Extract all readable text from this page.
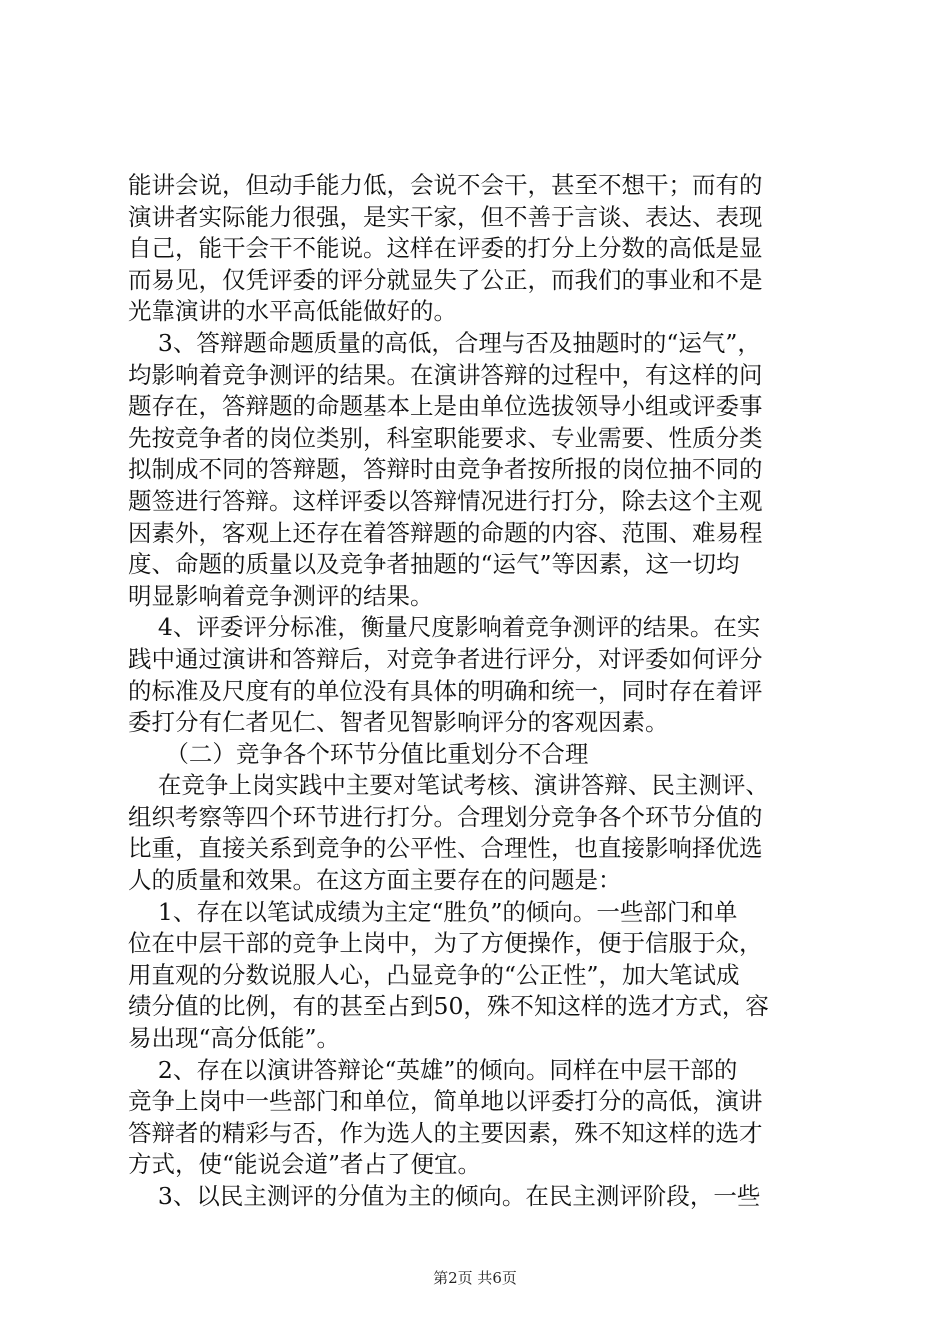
能讲会说，但动手能力低，会说不会干，甚至不想干；而有的
演讲者实际能力很强，是实干家，但不善于言谈、表达、表现
自己，能干会干不能说。这样在评委的打分上分数的高低是显
而易见，仅凭评委的评分就显失了公正，而我们的事业和不是
光靠演讲的水平高低能做好的。
3、答辩题命题质量的高低，合理与否及抽题时的“运气”，
均影响着竞争测评的结果。在演讲答辩的过程中，有这样的问
题存在，答辩题的命题基本上是由单位选拔领导小组或评委事
先按竞争者的岗位类别，科室职能要求、专业需要、性质分类
拟制成不同的答辩题，答辩时由竞争者按所报的岗位抽不同的
题签进行答辩。这样评委以答辩情况进行打分，除去这个主观
因素外，客观上还存在着答辩题的命题的内容、范围、难易程
度、命题的质量以及竞争者抽题的“运气”等因素，这一切均
明显影响着竞争测评的结果。
4、评委评分标准，衡量尺度影响着竞争测评的结果。在实
践中通过演讲和答辩后，对竞争者进行评分，对评委如何评分
的标准及尺度有的单位没有具体的明确和统一，同时存在着评
委打分有仁者见仁、智者见智影响评分的客观因素。
（二）竞争各个环节分值比重划分不合理
在竞争上岗实践中主要对笔试考核、演讲答辩、民主测评、
组织考察等四个环节进行打分。合理划分竞争各个环节分值的
比重，直接关系到竞争的公平性、合理性，也直接影响择优选
人的质量和效果。在这方面主要存在的问题是：
1、存在以笔试成绩为主定“胜负”的倾向。一些部门和单
位在中层干部的竞争上岗中，为了方便操作，便于信服于众，
用直观的分数说服人心，凸显竞争的“公正性”，加大笔试成
绩分值的比例，有的甚至占到50，殊不知这样的选才方式，容
易出现“高分低能”。
2、存在以演讲答辩论“英雄”的倾向。同样在中层干部的
竞争上岗中一些部门和单位，简单地以评委打分的高低，演讲
答辩者的精彩与否，作为选人的主要因素，殊不知这样的选才
方式，使“能说会道”者占了便宜。
3、以民主测评的分值为主的倾向。在民主测评阶段，一些
第2页 共6页
